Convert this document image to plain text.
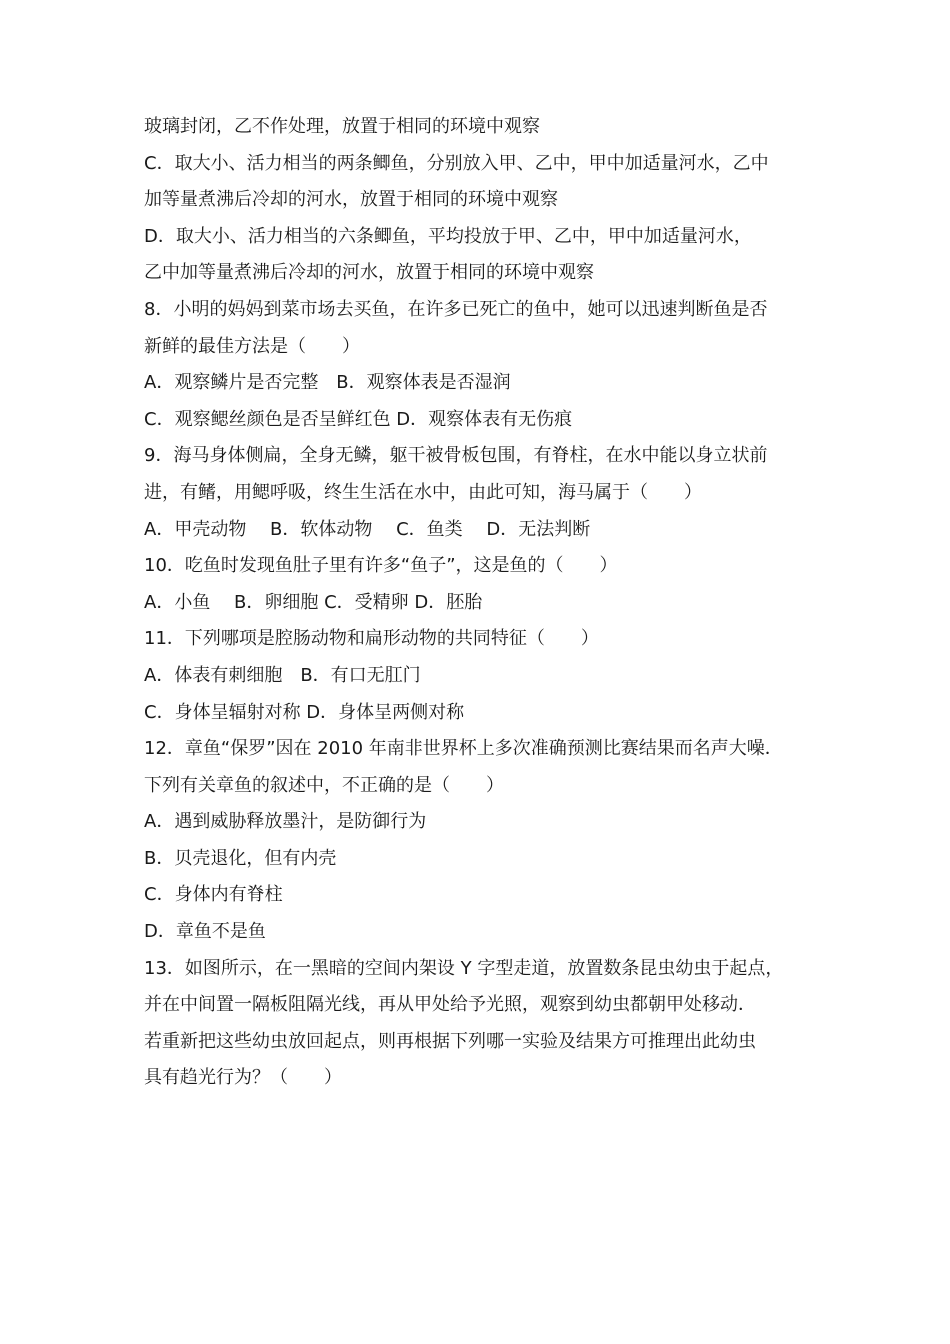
玻璃封闭，乙不作处理，放置于相同的环境中观察

C．取大小、活力相当的两条鲫鱼，分别放入甲、乙中，甲中加适量河水，乙中

加等量煮沸后冷却的河水，放置于相同的环境中观察

D．取大小、活力相当的六条鲫鱼，平均投放于甲、乙中，甲中加适量河水，

乙中加等量煮沸后冷却的河水，放置于相同的环境中观察

8．小明的妈妈到菜市场去买鱼，在许多已死亡的鱼中，她可以迅速判断鱼是否

新鲜的最佳方法是（　　）

A．观察鳞片是否完整　B．观察体表是否湿润

C．观察鳃丝颜色是否呈鲜红色 D．观察体表有无伤痕

9．海马身体侧扁，全身无鳞，躯干被骨板包围，有脊柱，在水中能以身立状前

进，有鳍，用鳃呼吸，终生生活在水中，由此可知，海马属于（　　）

A．甲壳动物　 B．软体动物　 C．鱼类　 D．无法判断

10．吃鱼时发现鱼肚子里有许多“鱼子”，这是鱼的（　　）

A．小鱼　 B．卵细胞 C．受精卵 D．胚胎

11．下列哪项是腔肠动物和扁形动物的共同特征（　　）

A．体表有刺细胞　B．有口无肛门

C．身体呈辐射对称 D．身体呈两侧对称

12．章鱼“保罗”因在 2010 年南非世界杯上多次准确预测比赛结果而名声大噪．

下列有关章鱼的叙述中，不正确的是（　　）

A．遇到威胁释放墨汁，是防御行为

B．贝壳退化，但有内壳

C．身体内有脊柱

D．章鱼不是鱼

13．如图所示，在一黑暗的空间内架设 Y 字型走道，放置数条昆虫幼虫于起点，

并在中间置一隔板阻隔光线，再从甲处给予光照，观察到幼虫都朝甲处移动．

若重新把这些幼虫放回起点，则再根据下列哪一实验及结果方可推理出此幼虫

具有趋光行为？（　　）
